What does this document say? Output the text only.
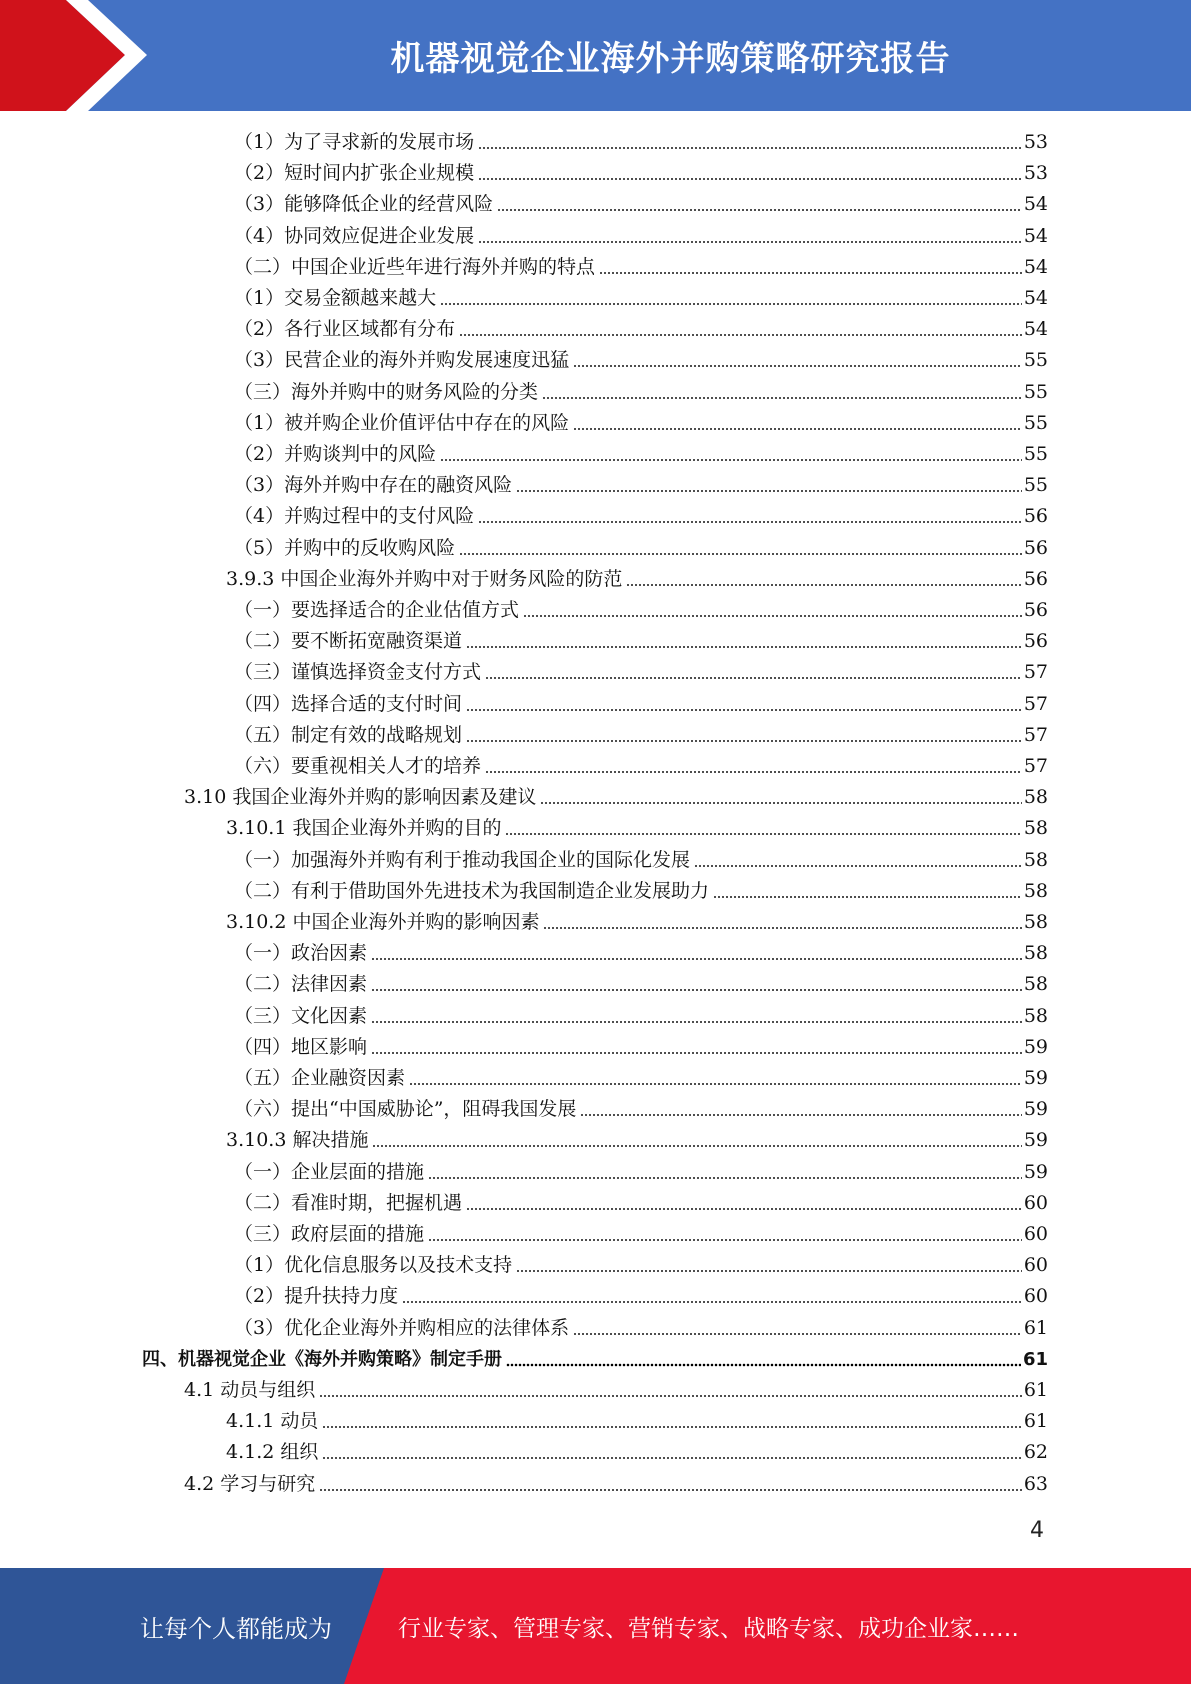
机器视觉企业海外并购策略研究报告
（1）为了寻求新的发展市场	53
（2）短时间内扩张企业规模	53
（3）能够降低企业的经营风险	54
（4）协同效应促进企业发展	54
（二）中国企业近些年进行海外并购的特点	54
（1）交易金额越来越大	54
（2）各行业区域都有分布	54
（3）民营企业的海外并购发展速度迅猛	55
（三）海外并购中的财务风险的分类	55
（1）被并购企业价值评估中存在的风险	55
（2）并购谈判中的风险	55
（3）海外并购中存在的融资风险	55
（4）并购过程中的支付风险	56
（5）并购中的反收购风险	56
3.9.3 中国企业海外并购中对于财务风险的防范	56
（一）要选择适合的企业估值方式	56
（二）要不断拓宽融资渠道	56
（三）谨慎选择资金支付方式	57
（四）选择合适的支付时间	57
（五）制定有效的战略规划	57
（六）要重视相关人才的培养	57
3.10 我国企业海外并购的影响因素及建议	58
3.10.1 我国企业海外并购的目的	58
（一）加强海外并购有利于推动我国企业的国际化发展	58
（二）有利于借助国外先进技术为我国制造企业发展助力	58
3.10.2 中国企业海外并购的影响因素	58
（一）政治因素	58
（二）法律因素	58
（三）文化因素	58
（四）地区影响	59
（五）企业融资因素	59
（六）提出“中国威胁论”，阻碍我国发展	59
3.10.3 解决措施	59
（一）企业层面的措施	59
（二）看准时期，把握机遇	60
（三）政府层面的措施	60
（1）优化信息服务以及技术支持	60
（2）提升扶持力度	60
（3）优化企业海外并购相应的法律体系	61
四、机器视觉企业《海外并购策略》制定手册	61
4.1 动员与组织	61
4.1.1 动员	61
4.1.2 组织	62
4.2 学习与研究	63
4
让每个人都能成为	行业专家、管理专家、营销专家、战略专家、成功企业家……
